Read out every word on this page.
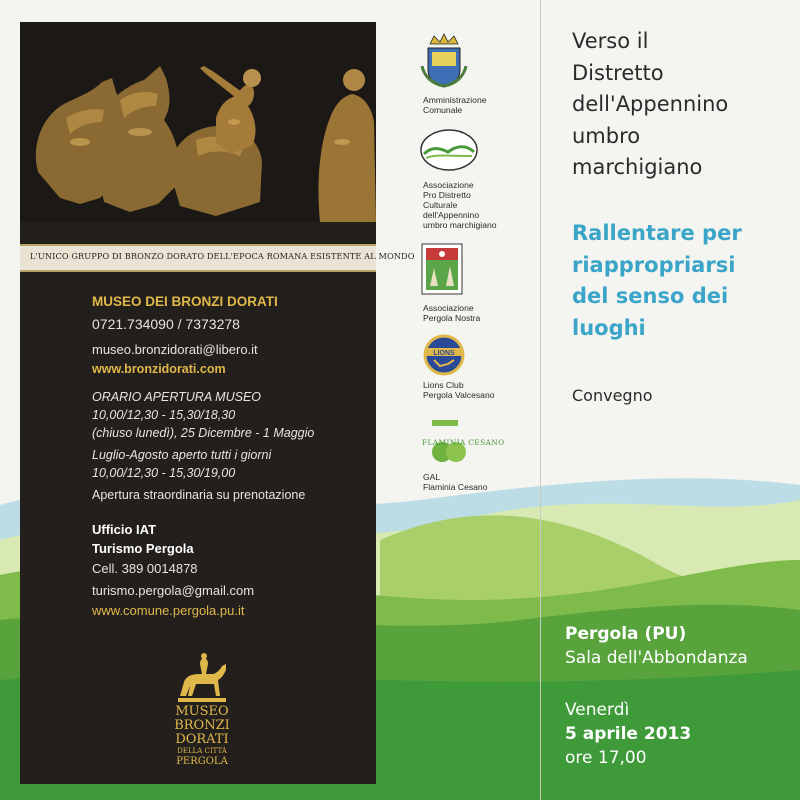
L'UNICO GRUPPO DI BRONZO DORATO DELL'EPOCA ROMANA ESISTENTE AL MONDO
MUSEO DEI BRONZI DORATI
0721.734090 / 7373278
museo.bronzidorati@libero.it
www.bronzidorati.com
ORARIO APERTURA MUSEO
10,00/12,30 - 15,30/18,30
(chiuso lunedì), 25 Dicembre - 1 Maggio
Luglio-Agosto aperto tutti i giorni
10,00/12,30 - 15,30/19,00
Apertura straordinaria su prenotazione
Ufficio IAT
Turismo Pergola
Cell. 389 0014878
turismo.pergola@gmail.com
www.comune.pergola.pu.it
MUSEO
BRONZI
DORATI
DELLA CITTÀ
PERGOLA
Amministrazione
Comunale
Associazione
Pro Distretto
Culturale
dell'Appennino
umbro marchigiano
Associazione
Pergola Nostra
LIONS
Lions Club
Pergola Valcesano
FLAMINIA CESANO
GAL
Flaminia Cesano
Verso il
Distretto
dell'Appennino
umbro
marchigiano
Rallentare per
riappropriarsi
del senso dei
luoghi
Convegno
Pergola (PU)
Sala dell'Abbondanza
Venerdì
5 aprile 2013
ore 17,00
